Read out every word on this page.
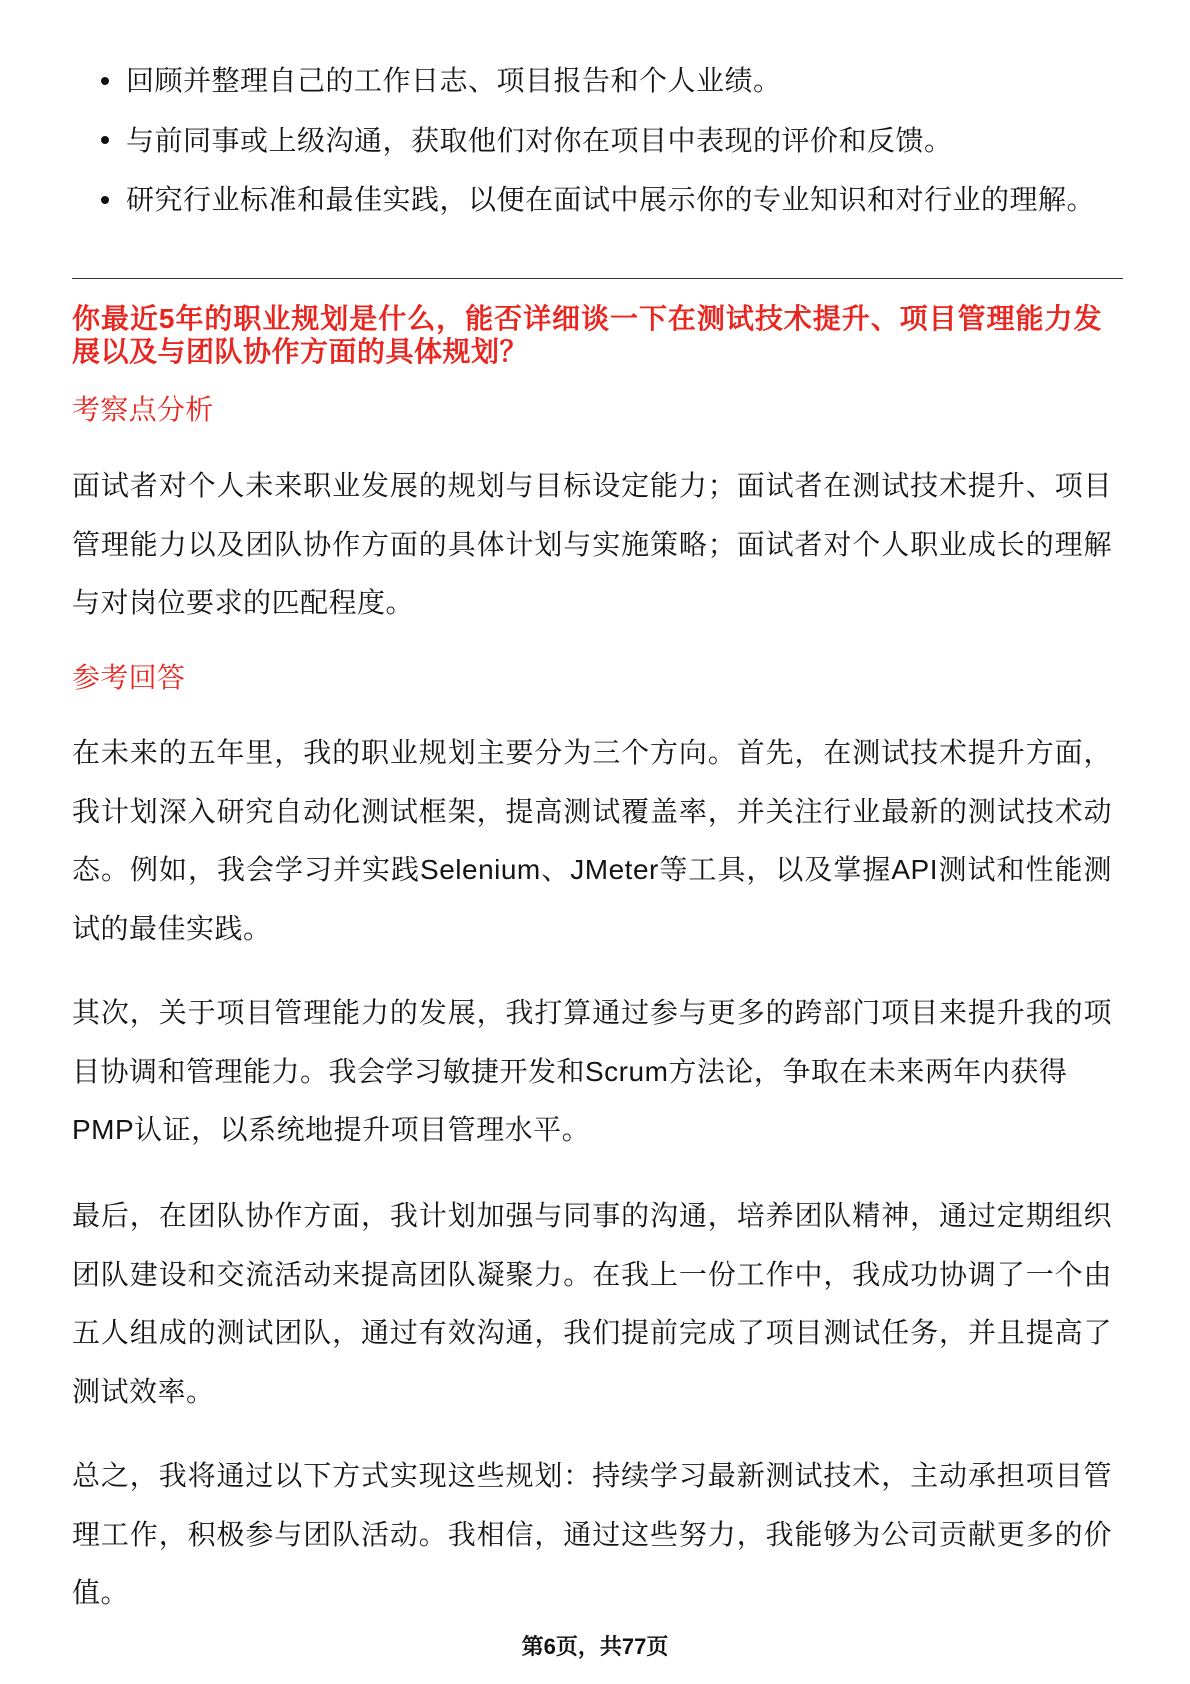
回顾并整理自己的工作日志、项目报告和个人业绩。
与前同事或上级沟通，获取他们对你在项目中表现的评价和反馈。
研究行业标准和最佳实践，以便在面试中展示你的专业知识和对行业的理解。
你最近5年的职业规划是什么，能否详细谈一下在测试技术提升、项目管理能力发
展以及与团队协作方面的具体规划？
考察点分析
面试者对个人未来职业发展的规划与目标设定能力；面试者在测试技术提升、项目
管理能力以及团队协作方面的具体计划与实施策略；面试者对个人职业成长的理解
与对岗位要求的匹配程度。
参考回答
在未来的五年里，我的职业规划主要分为三个方向。首先，在测试技术提升方面，
我计划深入研究自动化测试框架，提高测试覆盖率，并关注行业最新的测试技术动
态。例如，我会学习并实践Selenium、JMeter等工具，以及掌握API测试和性能测
试的最佳实践。
其次，关于项目管理能力的发展，我打算通过参与更多的跨部门项目来提升我的项
目协调和管理能力。我会学习敏捷开发和Scrum方法论，争取在未来两年内获得
PMP认证，以系统地提升项目管理水平。
最后，在团队协作方面，我计划加强与同事的沟通，培养团队精神，通过定期组织
团队建设和交流活动来提高团队凝聚力。在我上一份工作中，我成功协调了一个由
五人组成的测试团队，通过有效沟通，我们提前完成了项目测试任务，并且提高了
测试效率。
总之，我将通过以下方式实现这些规划：持续学习最新测试技术，主动承担项目管
理工作，积极参与团队活动。我相信，通过这些努力，我能够为公司贡献更多的价
值。
第6页，共77页
